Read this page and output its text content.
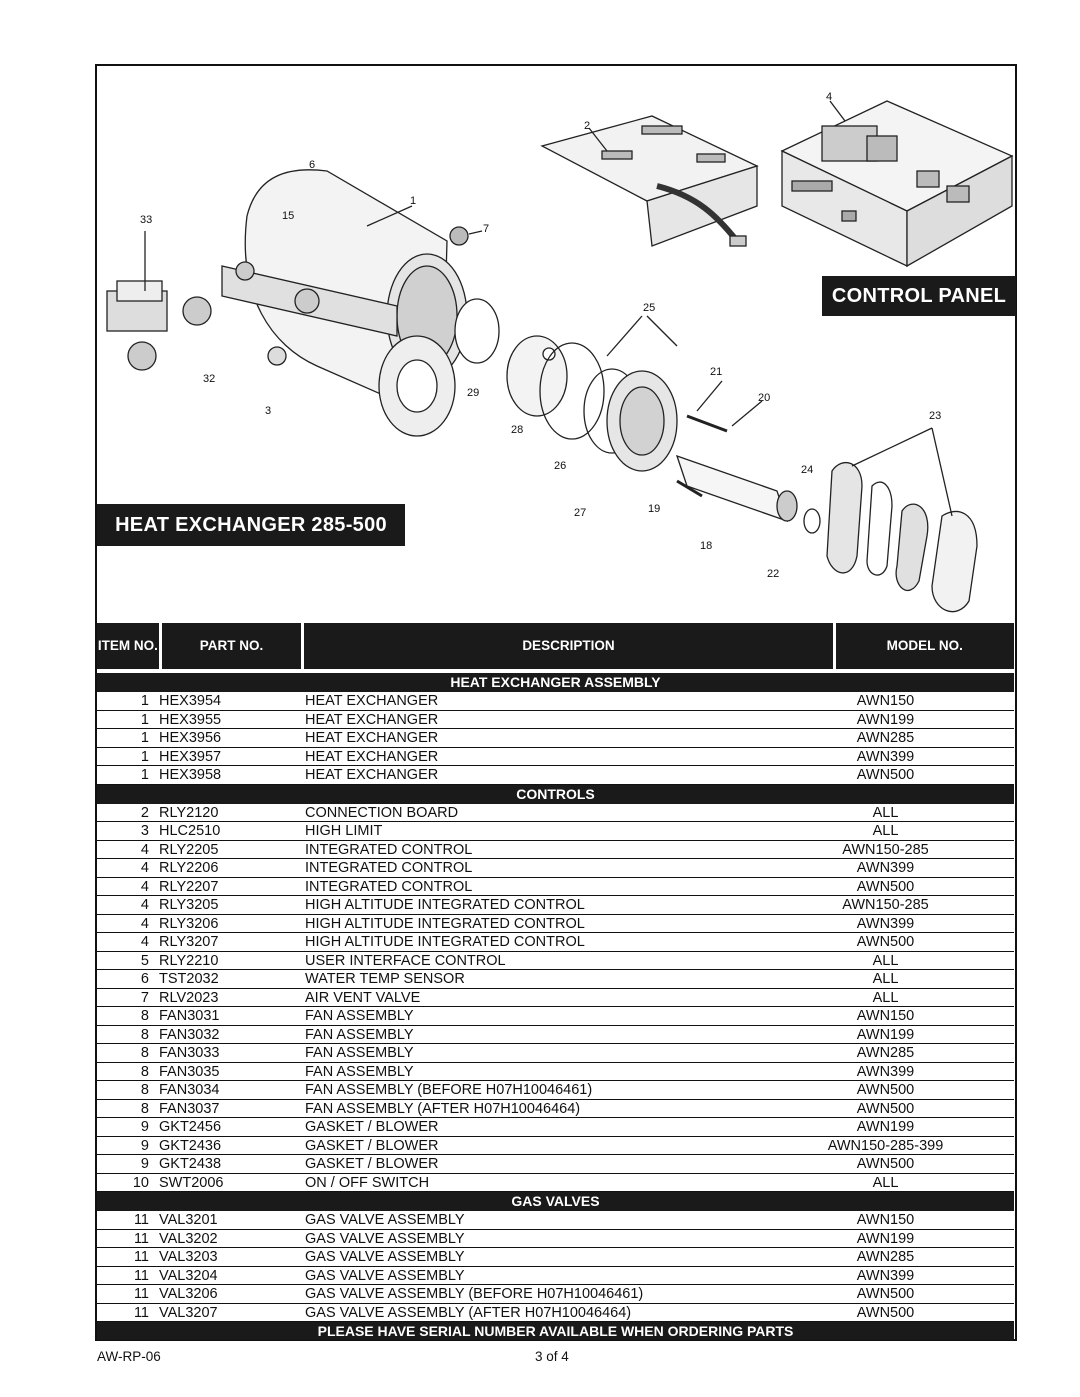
4
2
6
1
33	15
7
25
32
29
21
20
3
28
23
26	24
27	19
18
22
HEAT EXCHANGER 285-500
CONTROL PANEL
ITEM NO.	PART NO.	DESCRIPTION	MODEL NO.
HEAT EXCHANGER ASSEMBLY
1 HEX3954	HEAT EXCHANGER	AWN150
1 HEX3955	HEAT EXCHANGER	AWN199
1 HEX3956	HEAT EXCHANGER	AWN285
1 HEX3957	HEAT EXCHANGER	AWN399
1 HEX3958	HEAT EXCHANGER	AWN500
CONTROLS
2 RLY2120	CONNECTION BOARD	ALL
3 HLC2510	HIGH LIMIT	ALL
4 RLY2205	INTEGRATED CONTROL	AWN150-285
4 RLY2206	INTEGRATED CONTROL	AWN399
4 RLY2207	INTEGRATED CONTROL	AWN500
4 RLY3205	HIGH ALTITUDE INTEGRATED CONTROL	AWN150-285
4 RLY3206	HIGH ALTITUDE INTEGRATED CONTROL	AWN399
4 RLY3207	HIGH ALTITUDE INTEGRATED CONTROL	AWN500
5 RLY2210	USER INTERFACE CONTROL	ALL
6 TST2032	WATER TEMP SENSOR	ALL
7 RLV2023	AIR VENT VALVE	ALL
8 FAN3031	FAN ASSEMBLY	AWN150
8 FAN3032	FAN ASSEMBLY	AWN199
8 FAN3033	FAN ASSEMBLY	AWN285
8 FAN3035	FAN ASSEMBLY	AWN399
8 FAN3034	FAN ASSEMBLY (BEFORE H07H10046461)	AWN500
8 FAN3037	FAN ASSEMBLY (AFTER H07H10046464)	AWN500
9 GKT2456	GASKET / BLOWER	AWN199
9 GKT2436	GASKET / BLOWER	AWN150-285-399
9 GKT2438	GASKET / BLOWER	AWN500
10 SWT2006	ON / OFF SWITCH	ALL
GAS VALVES
11 VAL3201	GAS VALVE ASSEMBLY	AWN150
11 VAL3202	GAS VALVE ASSEMBLY	AWN199
11 VAL3203	GAS VALVE ASSEMBLY	AWN285
11 VAL3204	GAS VALVE ASSEMBLY	AWN399
11 VAL3206	GAS VALVE ASSEMBLY (BEFORE H07H10046461)	AWN500
11 VAL3207	GAS VALVE ASSEMBLY (AFTER H07H10046464)	AWN500
PLEASE HAVE SERIAL NUMBER AVAILABLE WHEN ORDERING PARTS
AW-RP-06	3 of 4
